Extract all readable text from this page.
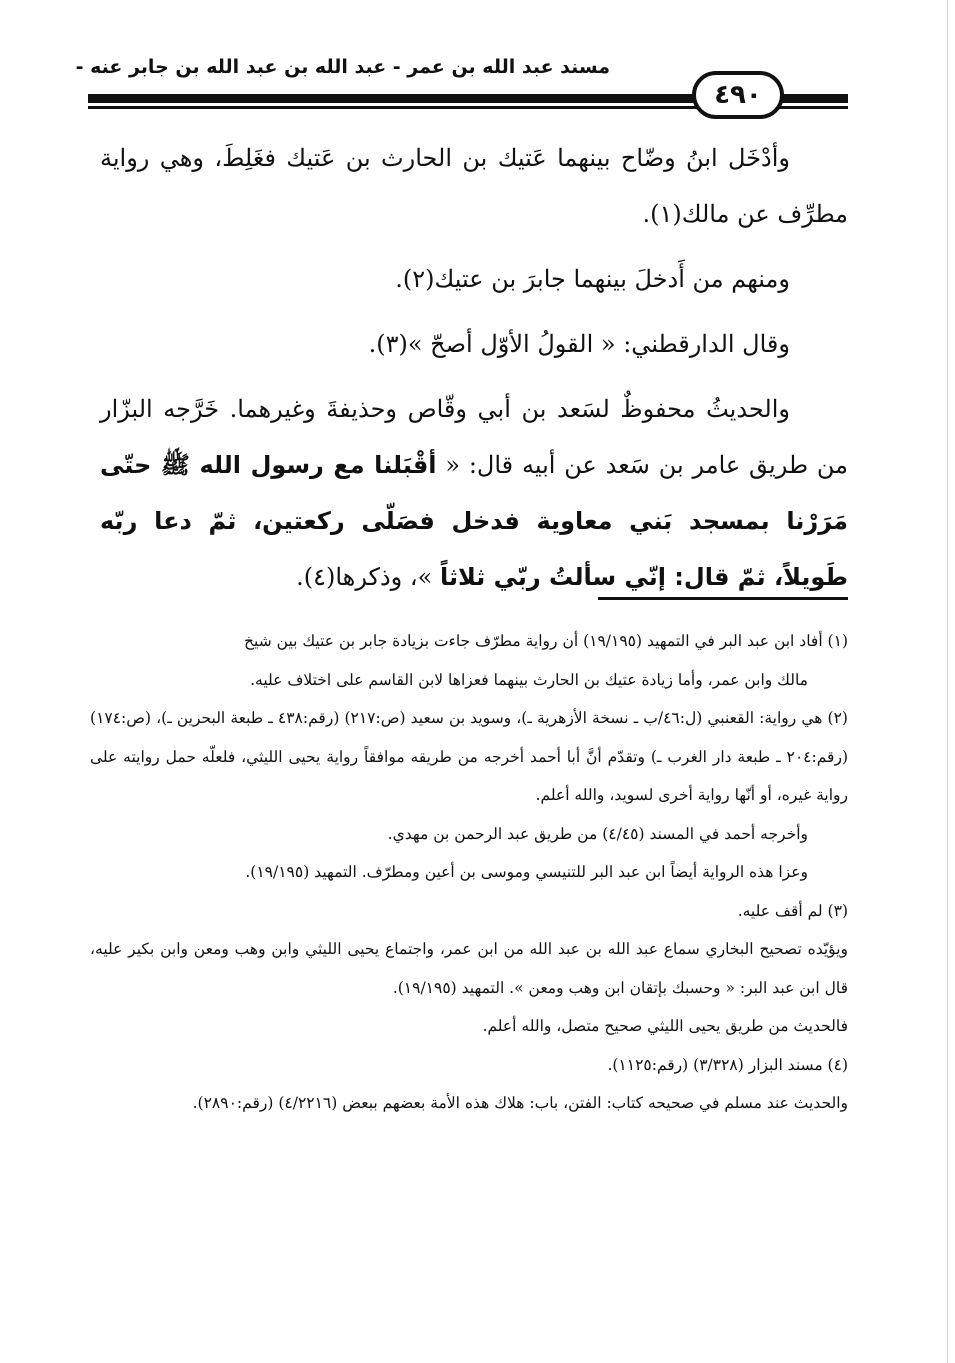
مسند عبد الله بن عمر - عبد الله بن عبد الله بن جابر عنه -
٤٩٠

وأدْخَل ابنُ وضّاح بينهما عَتيك بن الحارث بن عَتيك فغَلِطَ، وهي رواية مطرِّف عن مالك(١).

ومنهم من أَدخلَ بينهما جابرَ بن عتيك(٢).

وقال الدارقطني: « القولُ الأوّل أصحّ »(٣).

والحديثُ محفوظٌ لسَعد بن أبي وقّاص وحذيفةَ وغيرهما. خَرَّجه البزّار من طريق عامر بن سَعد عن أبيه قال: « أقْبَلنا مع رسول الله ﷺ حتّى مَرَرْنا بمسجد بَني معاوية فدخل فصَلّى ركعتين، ثمّ دعا ربّه طَويلاً، ثمّ قال: إنّي سألتُ ربّي ثلاثاً »، وذكرها(٤).

(١) أفاد ابن عبد البر في التمهيد (١٩/١٩٥) أن رواية مطرّف جاءت بزيادة جابر بن عتيك بين شيخ

مالك وابن عمر، وأما زيادة عتيك بن الحارث بينهما فعزاها لابن القاسم على اختلاف عليه.

(٢) هي رواية: القعنبي (ل:٤٦/ب ـ نسخة الأزهرية ـ)، وسويد بن سعيد (ص:٢١٧) (رقم:٤٣٨ ـ طبعة البحرين ـ)، (ص:١٧٤) (رقم:٢٠٤ ـ طبعة دار الغرب ـ) وتقدّم أنَّ أبا أحمد أخرجه من طريقه موافقاً رواية يحيى الليثي، فلعلّه حمل روايته على رواية غيره، أو أنّها رواية أخرى لسويد، والله أعلم.

وأخرجه أحمد في المسند (٤/٤٥) من طريق عبد الرحمن بن مهدي.

وعزا هذه الرواية أيضاً ابن عبد البر للتنيسي وموسى بن أعين ومطرّف. التمهيد (١٩/١٩٥).

(٣) لم أقف عليه.

ويؤيّده تصحيح البخاري سماع عبد الله بن عبد الله من ابن عمر، واجتماع يحيى الليثي وابن وهب ومعن وابن بكير عليه، قال ابن عبد البر: « وحسبك بإتقان ابن وهب ومعن ». التمهيد (١٩/١٩٥).

فالحديث من طريق يحيى الليثي صحيح متصل، والله أعلم.

(٤) مسند البزار (٣/٣٢٨) (رقم:١١٢٥).

والحديث عند مسلم في صحيحه كتاب: الفتن، باب: هلاك هذه الأمة بعضهم ببعض (٤/٢٢١٦) (رقم:٢٨٩٠).
